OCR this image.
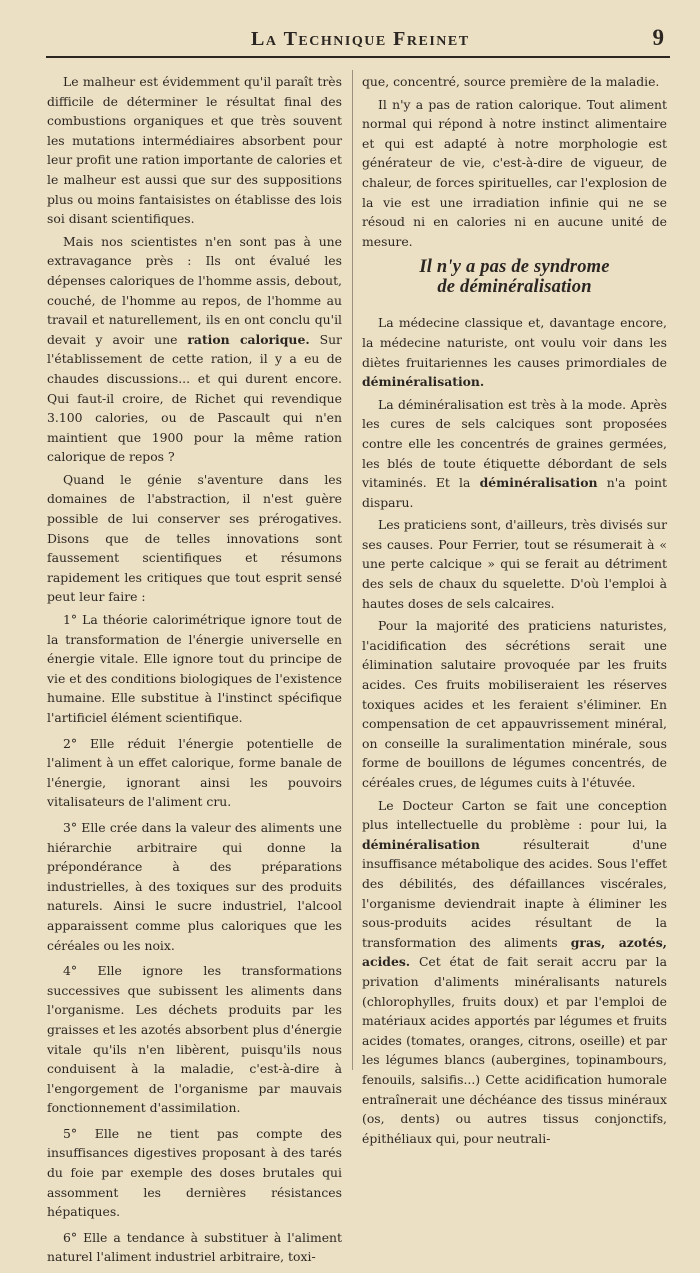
La Technique Freinet	9

Le malheur est évidemment qu'il paraît très difficile de déterminer le résultat final des combustions organiques et que très souvent les mutations intermédiaires absorbent pour leur profit une ration importante de calories et le malheur est aussi que sur des suppositions plus ou moins fantaisistes on établisse des lois soi disant scientifiques.

Mais nos scientistes n'en sont pas à une extravagance près : Ils ont évalué les dépenses caloriques de l'homme assis, debout, couché, de l'homme au repos, de l'homme au travail et naturellement, ils en ont conclu qu'il devait y avoir une ration calorique. Sur l'établissement de cette ration, il y a eu de chaudes discussions... et qui durent encore. Qui faut-il croire, de Richet qui revendique 3.100 calories, ou de Pascault qui n'en maintient que 1900 pour la même ration calorique de repos ?

Quand le génie s'aventure dans les domaines de l'abstraction, il n'est guère possible de lui conserver ses prérogatives. Disons que de telles innovations sont faussement scientifiques et résumons rapidement les critiques que tout esprit sensé peut leur faire :

1° La théorie calorimétrique ignore tout de la transformation de l'énergie universelle en énergie vitale. Elle ignore tout du principe de vie et des conditions biologiques de l'existence humaine. Elle substitue à l'instinct spécifique l'artificiel élément scientifique.

2° Elle réduit l'énergie potentielle de l'aliment à un effet calorique, forme banale de l'énergie, ignorant ainsi les pouvoirs vitalisateurs de l'aliment cru.

3° Elle crée dans la valeur des aliments une hiérarchie arbitraire qui donne la prépondérance à des préparations industrielles, à des toxiques sur des produits naturels. Ainsi le sucre industriel, l'alcool apparaissent comme plus caloriques que les céréales ou les noix.

4° Elle ignore les transformations successives que subissent les aliments dans l'organisme. Les déchets produits par les graisses et les azotés absorbent plus d'énergie vitale qu'ils n'en libèrent, puisqu'ils nous conduisent à la maladie, c'est-à-dire à l'engorgement de l'organisme par mauvais fonctionnement d'assimilation.

5° Elle ne tient pas compte des insuffisances digestives proposant à des tarés du foie par exemple des doses brutales qui assomment les dernières résistances hépatiques.

6° Elle a tendance à substituer à l'aliment naturel l'aliment industriel arbitraire, toxi-

que, concentré, source première de la maladie.

Il n'y a pas de ration calorique. Tout aliment normal qui répond à notre instinct alimentaire et qui est adapté à notre morphologie est générateur de vie, c'est-à-dire de vigueur, de chaleur, de forces spirituelles, car l'explosion de la vie est une irradiation infinie qui ne se résoud ni en calories ni en aucune unité de mesure.

Il n'y a pas de syndrome
de déminéralisation

La médecine classique et, davantage encore, la médecine naturiste, ont voulu voir dans les diètes fruitariennes les causes primordiales de déminéralisation.

La déminéralisation est très à la mode. Après les cures de sels calciques sont proposées contre elle les concentrés de graines germées, les blés de toute étiquette débordant de sels vitaminés. Et la déminéralisation n'a point disparu.

Les praticiens sont, d'ailleurs, très divisés sur ses causes. Pour Ferrier, tout se résumerait à « une perte calcique » qui se ferait au détriment des sels de chaux du squelette. D'où l'emploi à hautes doses de sels calcaires.

Pour la majorité des praticiens naturistes, l'acidification des sécrétions serait une élimination salutaire provoquée par les fruits acides. Ces fruits mobiliseraient les réserves toxiques acides et les feraient s'éliminer. En compensation de cet appauvrissement minéral, on conseille la suralimentation minérale, sous forme de bouillons de légumes concentrés, de céréales crues, de légumes cuits à l'étuvée.

Le Docteur Carton se fait une conception plus intellectuelle du problème : pour lui, la déminéralisation résulterait d'une insuffisance métabolique des acides. Sous l'effet des débilités, des défaillances viscérales, l'organisme deviendrait inapte à éliminer les sous-produits acides résultant de la transformation des aliments gras, azotés, acides. Cet état de fait serait accru par la privation d'aliments minéralisants naturels (chlorophylles, fruits doux) et par l'emploi de matériaux acides apportés par légumes et fruits acides (tomates, oranges, citrons, oseille) et par les légumes blancs (aubergines, topinambours, fenouils, salsifis...) Cette acidification humorale entraînerait une déchéance des tissus minéraux (os, dents) ou autres tissus conjonctifs, épithéliaux qui, pour neutrali-
